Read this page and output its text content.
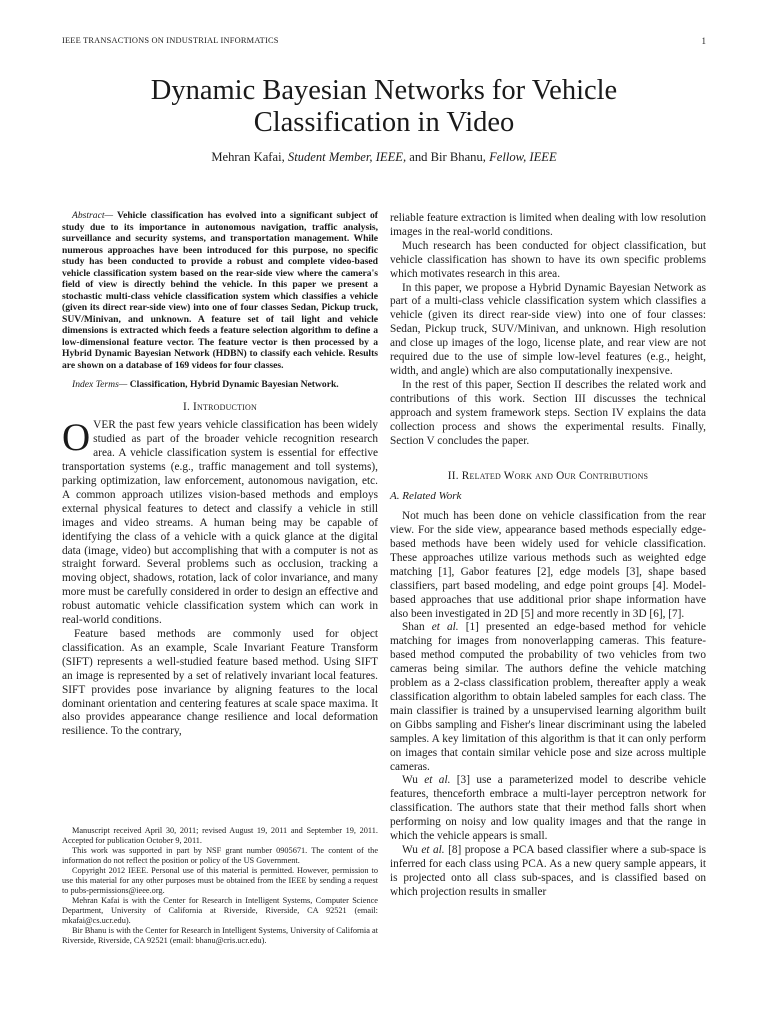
IEEE TRANSACTIONS ON INDUSTRIAL INFORMATICS	1
Dynamic Bayesian Networks for Vehicle
Classification in Video
Mehran Kafai, Student Member, IEEE, and Bir Bhanu, Fellow, IEEE

Abstract— Vehicle classification has evolved into a significant subject of study due to its importance in autonomous navigation, traffic analysis, surveillance and security systems, and transportation management. While numerous approaches have been introduced for this purpose, no specific study has been conducted to provide a robust and complete video-based vehicle classification system based on the rear-side view where the camera's field of view is directly behind the vehicle. In this paper we present a stochastic multi-class vehicle classification system which classifies a vehicle (given its direct rear-side view) into one of four classes Sedan, Pickup truck, SUV/Minivan, and unknown. A feature set of tail light and vehicle dimensions is extracted which feeds a feature selection algorithm to define a low-dimensional feature vector. The feature vector is then processed by a Hybrid Dynamic Bayesian Network (HDBN) to classify each vehicle. Results are shown on a database of 169 videos for four classes.

Index Terms— Classification, Hybrid Dynamic Bayesian Network.

I. Introduction

OVER the past few years vehicle classification has been widely studied as part of the broader vehicle recognition research area. A vehicle classification system is essential for effective transportation systems (e.g., traffic management and toll systems), parking optimization, law enforcement, autonomous navigation, etc. A common approach utilizes vision-based methods and employs external physical features to detect and classify a vehicle in still images and video streams. A human being may be capable of identifying the class of a vehicle with a quick glance at the digital data (image, video) but accomplishing that with a computer is not as straight forward. Several problems such as occlusion, tracking a moving object, shadows, rotation, lack of color invariance, and many more must be carefully considered in order to design an effective and robust automatic vehicle classification system which can work in real-world conditions.

Feature based methods are commonly used for object classification. As an example, Scale Invariant Feature Transform (SIFT) represents a well-studied feature based method. Using SIFT an image is represented by a set of relatively invariant local features. SIFT provides pose invariance by aligning features to the local dominant orientation and centering features at scale space maxima. It also provides appearance change resilience and local deformation resilience. To the contrary,

Manuscript received April 30, 2011; revised August 19, 2011 and September 19, 2011. Accepted for publication October 9, 2011.

This work was supported in part by NSF grant number 0905671. The content of the information do not reflect the position or policy of the US Government.

Copyright 2012 IEEE. Personal use of this material is permitted. However, permission to use this material for any other purposes must be obtained from the IEEE by sending a request to pubs-permissions@ieee.org.

Mehran Kafai is with the Center for Research in Intelligent Systems, Computer Science Department, University of California at Riverside, Riverside, CA 92521 (email: mkafai@cs.ucr.edu).

Bir Bhanu is with the Center for Research in Intelligent Systems, University of California at Riverside, Riverside, CA 92521 (email: bhanu@cris.ucr.edu).

reliable feature extraction is limited when dealing with low resolution images in the real-world conditions.

Much research has been conducted for object classification, but vehicle classification has shown to have its own specific problems which motivates research in this area.

In this paper, we propose a Hybrid Dynamic Bayesian Network as part of a multi-class vehicle classification system which classifies a vehicle (given its direct rear-side view) into one of four classes: Sedan, Pickup truck, SUV/Minivan, and unknown. High resolution and close up images of the logo, license plate, and rear view are not required due to the use of simple low-level features (e.g., height, width, and angle) which are also computationally inexpensive.

In the rest of this paper, Section II describes the related work and contributions of this work. Section III discusses the technical approach and system framework steps. Section IV explains the data collection process and shows the experimental results. Finally, Section V concludes the paper.

II. Related Work and Our Contributions
A. Related Work

Not much has been done on vehicle classification from the rear view. For the side view, appearance based methods especially edge-based methods have been widely used for vehicle classification. These approaches utilize various methods such as weighted edge matching [1], Gabor features [2], edge models [3], shape based classifiers, part based modeling, and edge point groups [4]. Model-based approaches that use additional prior shape information have also been investigated in 2D [5] and more recently in 3D [6], [7].

Shan et al. [1] presented an edge-based method for vehicle matching for images from nonoverlapping cameras. This feature-based method computed the probability of two vehicles from two cameras being similar. The authors define the vehicle matching problem as a 2-class classification problem, thereafter apply a weak classification algorithm to obtain labeled samples for each class. The main classifier is trained by a unsupervised learning algorithm built on Gibbs sampling and Fisher's linear discriminant using the labeled samples. A key limitation of this algorithm is that it can only perform on images that contain similar vehicle pose and size across multiple cameras.

Wu et al. [3] use a parameterized model to describe vehicle features, thenceforth embrace a multi-layer perceptron network for classification. The authors state that their method falls short when performing on noisy and low quality images and that the range in which the vehicle appears is small.

Wu et al. [8] propose a PCA based classifier where a sub-space is inferred for each class using PCA. As a new query sample appears, it is projected onto all class sub-spaces, and is classified based on which projection results in smaller
